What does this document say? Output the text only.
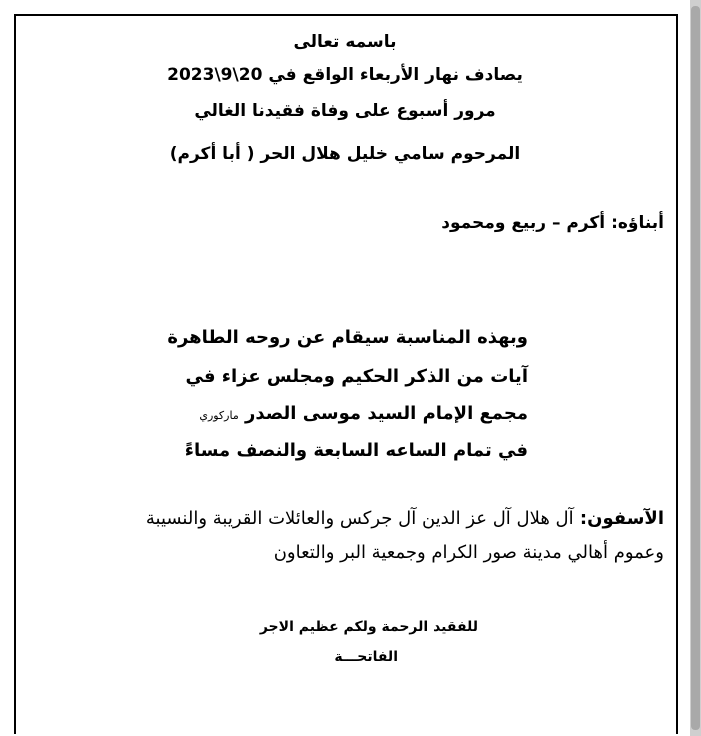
باسمه تعالى
يصادف نهار الأربعاء الواقع في 20\9\2023
مرور أسبوع على وفاة فقيدنا الغالي
المرحوم سامي خليل هلال الحر ( أبا أكرم)
أبناؤه: أكرم – ربيع ومحمود
وبهذه المناسبة سيقام عن روحه الطاهرة
آيات من الذكر الحكيم ومجلس عزاء في
مجمع الإمام السيد موسى الصدر ماركوري
في تمام الساعه السابعة والنصف مساءً
الآسفون: آل هلال آل عز الدين آل جركس والعائلات القريبة والنسيبة
وعموم أهالي مدينة صور الكرام وجمعية البر والتعاون
للفقيد الرحمة ولكم عظيم الاجر
الفاتحـــة
